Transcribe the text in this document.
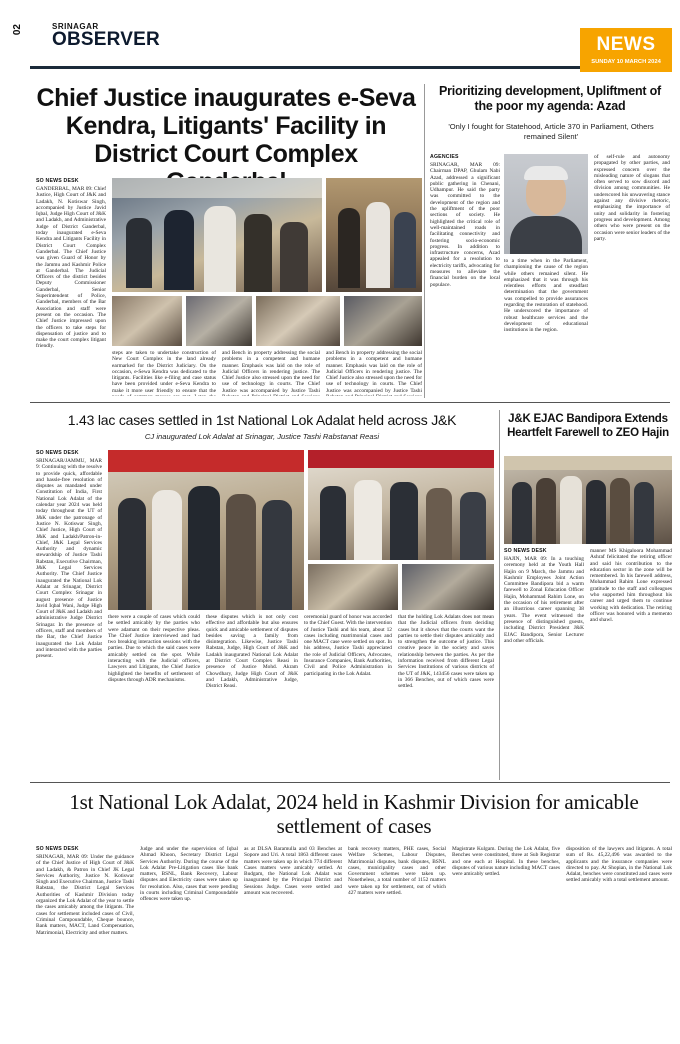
02	SRINAGAR
OBSERVER	NEWS
SUNDAY 10 MARCH 2024
Chief Justice inaugurates e-Seva Kendra, Litigants' Facility in District Court Complex
SO NEWS DESK
GANDERBAL, MAR 09: Chief Justice, High Court of J&K and Ladakh, N. Kotiswar Singh, accompanied by Justice Javid Iqbal, Judge High Court of J&K and Ladakh, and Administrative Judge of District Ganderbal, today inaugurated e-Seva Kendra and Litigants Facility in District Court Complex Ganderbal. The Chief Justice was given Guard of Honor by the Jammu and Kashmir Police at Ganderbal. The Judicial Officers of the district besides Deputy Commissioner Ganderbal, Senior Superintendent of Police, Ganderbal, members of the Bar Association and staff were present on the occasion. The Chief Justice impressed upon the officers to take steps for dispensation of justice and to make the court complex litigant friendly.
steps are taken to undertake construction of New Court Complex in the land already earmarked for the District Judiciary. On the occasion, e-Sewa Kendra was dedicated to the litigants. Facilities like e-filing and case status have been provided under e-Seva Kendra to make it more user friendly to ensure that the
and Bench in property addressing the social problems in a competent and humane manner. Emphasis was laid on the role of Judicial Officers in rendering justice. The Chief Justice also stressed upon the need for use of technology in courts. The Chief Justice was accompanied by Justice Tashi
and Bench in property addressing the social problems in a competent and humane manner. Emphasis was laid on the role of Judicial Officers in rendering justice. The Chief Justice also stressed upon the need for use of technology in courts. The Chief Justice was accompanied by Justice Tashi
Prioritizing development, Upliftment of the poor my agenda: Azad
'Only I fought for Statehood, Article 370 in Parliament, Others remained Silent'
AGENCIES
SRINAGAR, MAR 09: Chairman DPAP, Ghulam Nabi Azad, addressed a significant public gathering in Chenani, Udhampur. He said the party was committed to the development of the region and the upliftment of the poor sections of society. He highlighted the critical role of well-maintained roads in facilitating connectivity and fostering socio-economic progress. In addition to infrastructure concerns, Azad appealed for a resolution to electricity tariffs, advocating for measures to alleviate the financial burden on the local populace.
to a time when in the Parliament, championing the cause of the region while others remained silent. He emphasized that it was through his relentless efforts and steadfast determination that the government was compelled to provide assurances regarding the restoration of statehood. He underscored the importance of robust healthcare services and the development of educational institutions in the region.
of self-rule and autonomy propagated by other parties, and expressed concern over the misleading nature of slogans that often served to sow discord and division among communities. He underscored his unwavering stance against any divisive rhetoric, emphasizing the importance of unity and solidarity in fostering progress and development. Among others who were present on the occasion were senior leaders of the party.
1.43 lac cases settled in 1st National Lok Adalat held across J&K
CJ inaugurated Lok Adalat at Srinagar, Justice Tashi Rabstanat Reasi
SO NEWS DESK
SRINAGAR/JAMMU, MAR 9: Continuing with the resolve to provide quick, affordable and hassle-free resolution of disputes as mandated under Constitution of India, First National Lok Adalat of the calendar year 2024 was held today throughout the UT of J&K under the patronage of Justice N. Kotiswar Singh, Chief Justice, High Court of J&K and Ladakh/Patron-in-Chief, J&K Legal Services Authority and dynamic stewardship of Justice Tashi Rabstan, Executive Chairman, J&K Legal Services Authority. The Chief Justice inaugurated the National Lok Adalat at Srinagar, District Court Complex Srinagar in august presence of Justice Javid Iqbal Wani, Judge High Court of J&K and Ladakh and administrative Judge District Srinagar. In the presence of officers, staff and members of the Bar, the Chief Justice inaugurated the Lok Adalat and interacted with the parties present.
there were a couple of cases which could be settled amicably by the parties who were adamant on their respective pleas. The Chief Justice interviewed and had two breaking interaction sessions with the parties. Due to which the said cases were amicably settled on the spot. While interacting with the Judicial officers, Lawyers and Litigants, the Chief Justice highlighted the benefits of settlement of disputes through ADR mechanisms.
these disputes which is not only cost effective and affordable but also ensures quick and amicable settlement of disputes besides saving a family from disintegration. Likewise, Justice Tashi Rabstan, Judge, High Court of J&K and Ladakh inaugurated National Lok Adalat at District Court Complex Reasi in presence of Justice Mohd. Akram Chowdhary, Judge High Court of J&K and Ladakh, Administrative Judge, District Reasi.
ceremonial guard of honor was accorded to the Chief Guest. With the intervention of Justice Tashi and his team, about 12 cases including matrimonial cases and one MACT case were settled on spot. In his address, Justice Tashi appreciated the role of Judicial Officers, Advocates, Insurance Companies, Bank Authorities, Civil and Police Administration in participating in the Lok Adalat.
that the holding Lok Adalats does not mean that the Judicial officers from deciding cases but it shows that the courts want the parties to settle their disputes amicably and to strengthen the outcome of justice. This creative peace in the society and saves relationship between the parties. As per the information received from different Legal Services Institutions of various districts of the UT of J&K, 143456 cases were taken up in 366 Benches, out of which cases were settled.
J&K EJAC Bandipora Extends Heartfelt Farewell to ZEO Hajin
SO NEWS DESK
HAJIN, MAR 09: In a touching ceremony held at the Youth Hall Hajin on 9 March, the Jammu and Kashmir Employees Joint Action Committee Bandipora bid a warm farewell to Zonal Education Officer Hajin, Mohammad Rahim Lone, on the occasion of his retirement after an illustrious career spanning 38 years. The event witnessed the presence of distinguished guests, including District President J&K EJAC Bandipora, Senior Lecturer and other officials.
manner MS Khigaloora Mohammad Ashraf felicitated the retiring officer and said his contribution to the education sector in the zone will be remembered. In his farewell address, Mohammad Rahim Lone expressed gratitude to the staff and colleagues who supported him throughout his career and urged them to continue working with dedication. The retiring officer was honored with a memento and shawl.
1st National Lok Adalat, 2024 held in Kashmir Division for amicable settlement of cases
SO NEWS DESK
SRINAGAR, MAR 09: Under the guidance of the Chief Justice of High Court of J&K and Ladakh, & Patron in Chief JK Legal Services Authority, Justice N. Kotiswar Singh and Executive Chairman, Justice Tashi Rabstan, the District Legal Services Authorities of Kashmir Division today organized the Lok Adalat of the year to settle the cases amicably among the litigants. The cases for settlement included cases of Civil, Criminal Compoundable, Cheque bounce, Bank matters, MACT, Land Compensation, Matrimonial, Electricity and other matters.
Judge and under the supervision of Iqbal Ahmad Khoon, Secretary District Legal Services Authority. During the course of the Lok Adalat Pre-Litigation cases like bank matters, BSNL, Bank Recovery, Labour disputes and Electricity cases were taken up for resolution. Also, cases that were pending in courts including Criminal Compoundable offences were taken up.
as at DLSA Baramulla and 03 Benches at Sopore and Uri. A total 1863 different cases matters were taken up in which 774 different Cases matters were amicably settled. At Budgam, the National Lok Adalat was inaugurated by the Principal District and Sessions Judge. Cases were settled and amount was recovered.
bank recovery matters, PHE cases, Social Welfare Schemes, Labour Disputes, Matrimonial disputes, bank disputes, BSNL cases, municipality cases and other Government schemes were taken up. Nonetheless, a total number of 1152 matters were taken up for settlement, out of which 427 matters were settled.
Magistrate Kulgam. During the Lok Adalat, five Benches were constituted, three at Sub Registrar and one each at Hospital. In these benches, disputes of various nature including MACT cases were amicably settled.
disposition of the lawyers and litigants. A total sum of Rs. 45,22,496 was awarded to the applicants and the insurance companies were directed to pay. At Shopian, in the National Lok Adalat, benches were constituted and cases were settled amicably with a total settlement amount.
